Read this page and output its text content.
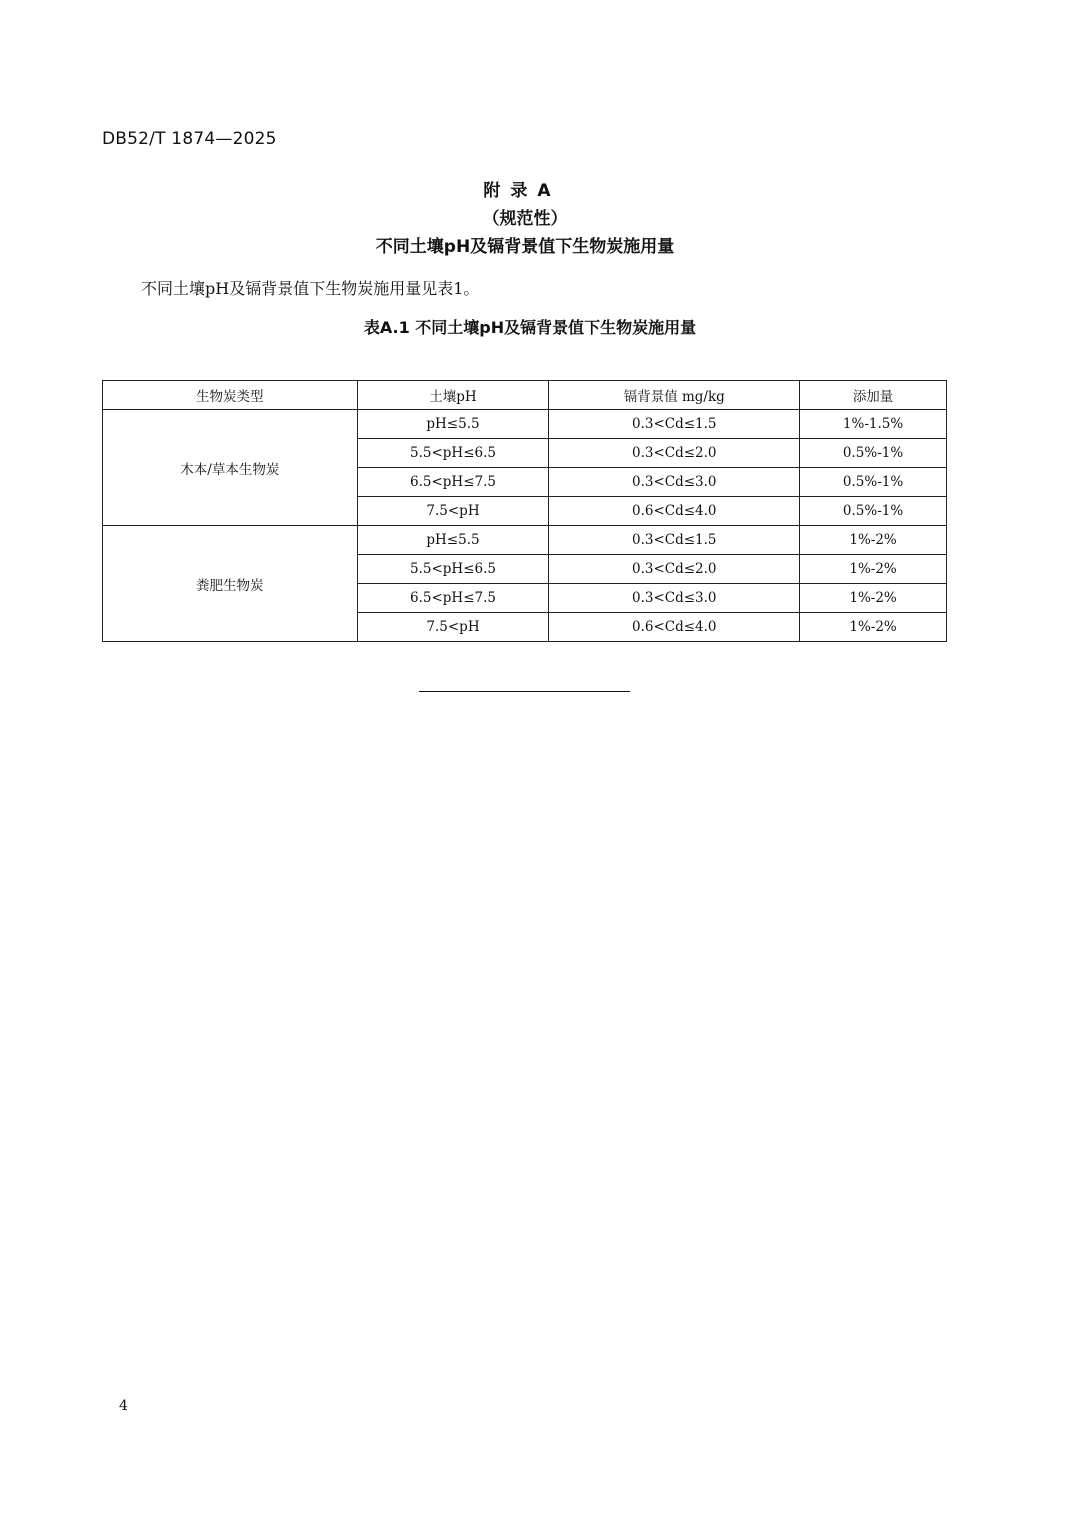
DB52/T 1874—2025
附录A
（规范性）
不同土壤pH及镉背景值下生物炭施用量
不同土壤pH及镉背景值下生物炭施用量见表1。
表A.1 不同土壤pH及镉背景值下生物炭施用量
生物炭类型	土壤pH	镉背景值 mg/kg	添加量
木本/草本生物炭	pH≤5.5	0.3<Cd≤1.5	1%-1.5%
	5.5<pH≤6.5	0.3<Cd≤2.0	0.5%-1%
	6.5<pH≤7.5	0.3<Cd≤3.0	0.5%-1%
	7.5<pH	0.6<Cd≤4.0	0.5%-1%
粪肥生物炭	pH≤5.5	0.3<Cd≤1.5	1%-2%
	5.5<pH≤6.5	0.3<Cd≤2.0	1%-2%
	6.5<pH≤7.5	0.3<Cd≤3.0	1%-2%
	7.5<pH	0.6<Cd≤4.0	1%-2%
4
